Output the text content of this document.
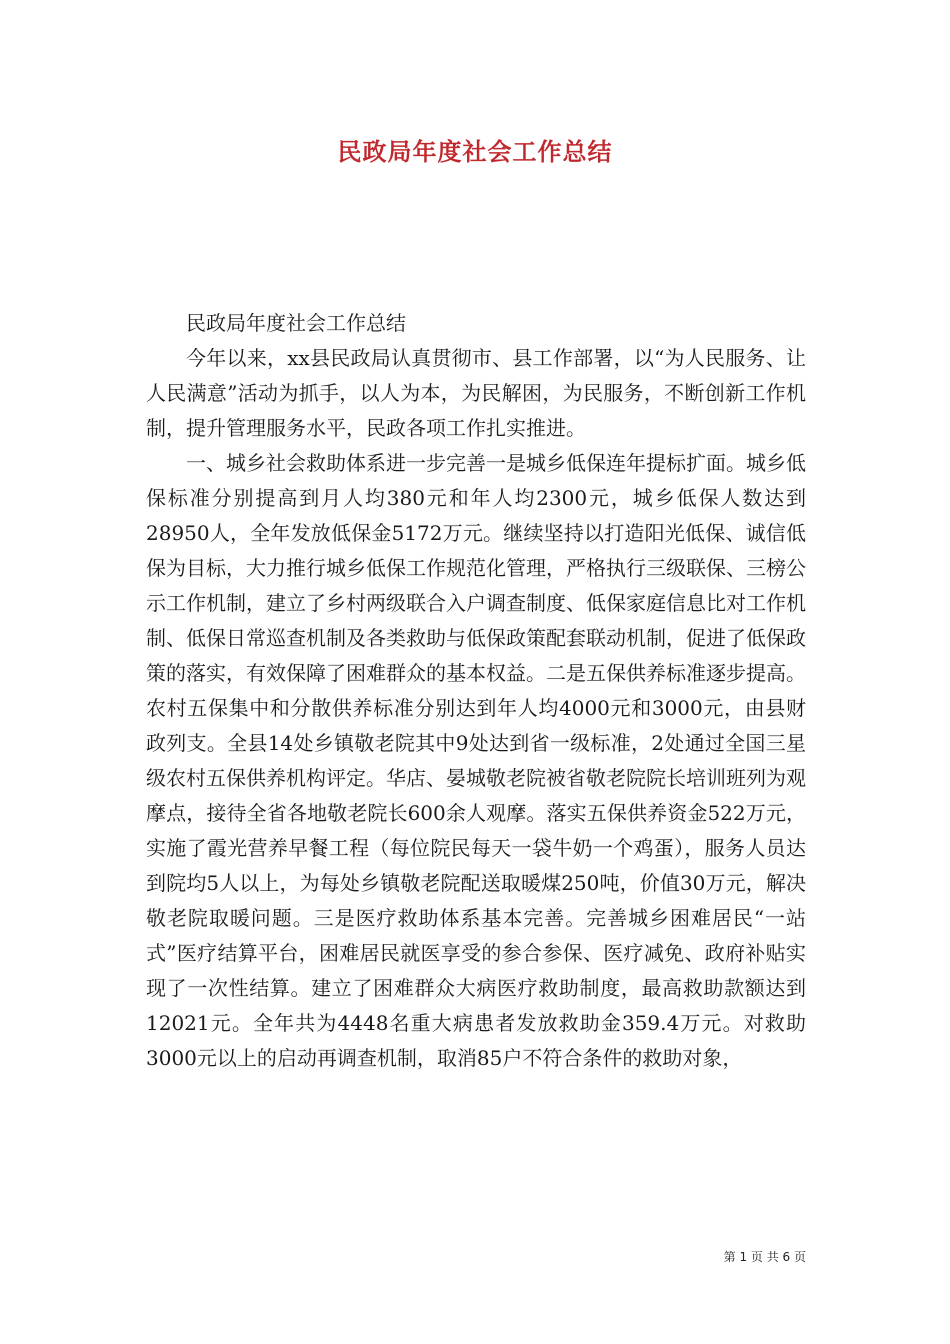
民政局年度社会工作总结

民政局年度社会工作总结

今年以来，xx县民政局认真贯彻市、县工作部署，以“为人民服务、让人民满意”活动为抓手，以人为本，为民解困，为民服务，不断创新工作机制，提升管理服务水平，民政各项工作扎实推进。

一、城乡社会救助体系进一步完善一是城乡低保连年提标扩面。城乡低保标准分别提高到月人均380元和年人均2300元，城乡低保人数达到28950人，全年发放低保金5172万元。继续坚持以打造阳光低保、诚信低保为目标，大力推行城乡低保工作规范化管理，严格执行三级联保、三榜公示工作机制，建立了乡村两级联合入户调查制度、低保家庭信息比对工作机制、低保日常巡查机制及各类救助与低保政策配套联动机制，促进了低保政策的落实，有效保障了困难群众的基本权益。二是五保供养标准逐步提高。农村五保集中和分散供养标准分别达到年人均4000元和3000元，由县财政列支。全县14处乡镇敬老院其中9处达到省一级标准，2处通过全国三星级农村五保供养机构评定。华店、晏城敬老院被省敬老院院长培训班列为观摩点，接待全省各地敬老院长600余人观摩。落实五保供养资金522万元，实施了霞光营养早餐工程（每位院民每天一袋牛奶一个鸡蛋），服务人员达到院均5人以上，为每处乡镇敬老院配送取暖煤250吨，价值30万元，解决敬老院取暖问题。三是医疗救助体系基本完善。完善城乡困难居民“一站式”医疗结算平台，困难居民就医享受的参合参保、医疗减免、政府补贴实现了一次性结算。建立了困难群众大病医疗救助制度，最高救助款额达到12021元。全年共为4448名重大病患者发放救助金359.4万元。对救助3000元以上的启动再调查机制，取消85户不符合条件的救助对象，

第 1 页 共 6 页
